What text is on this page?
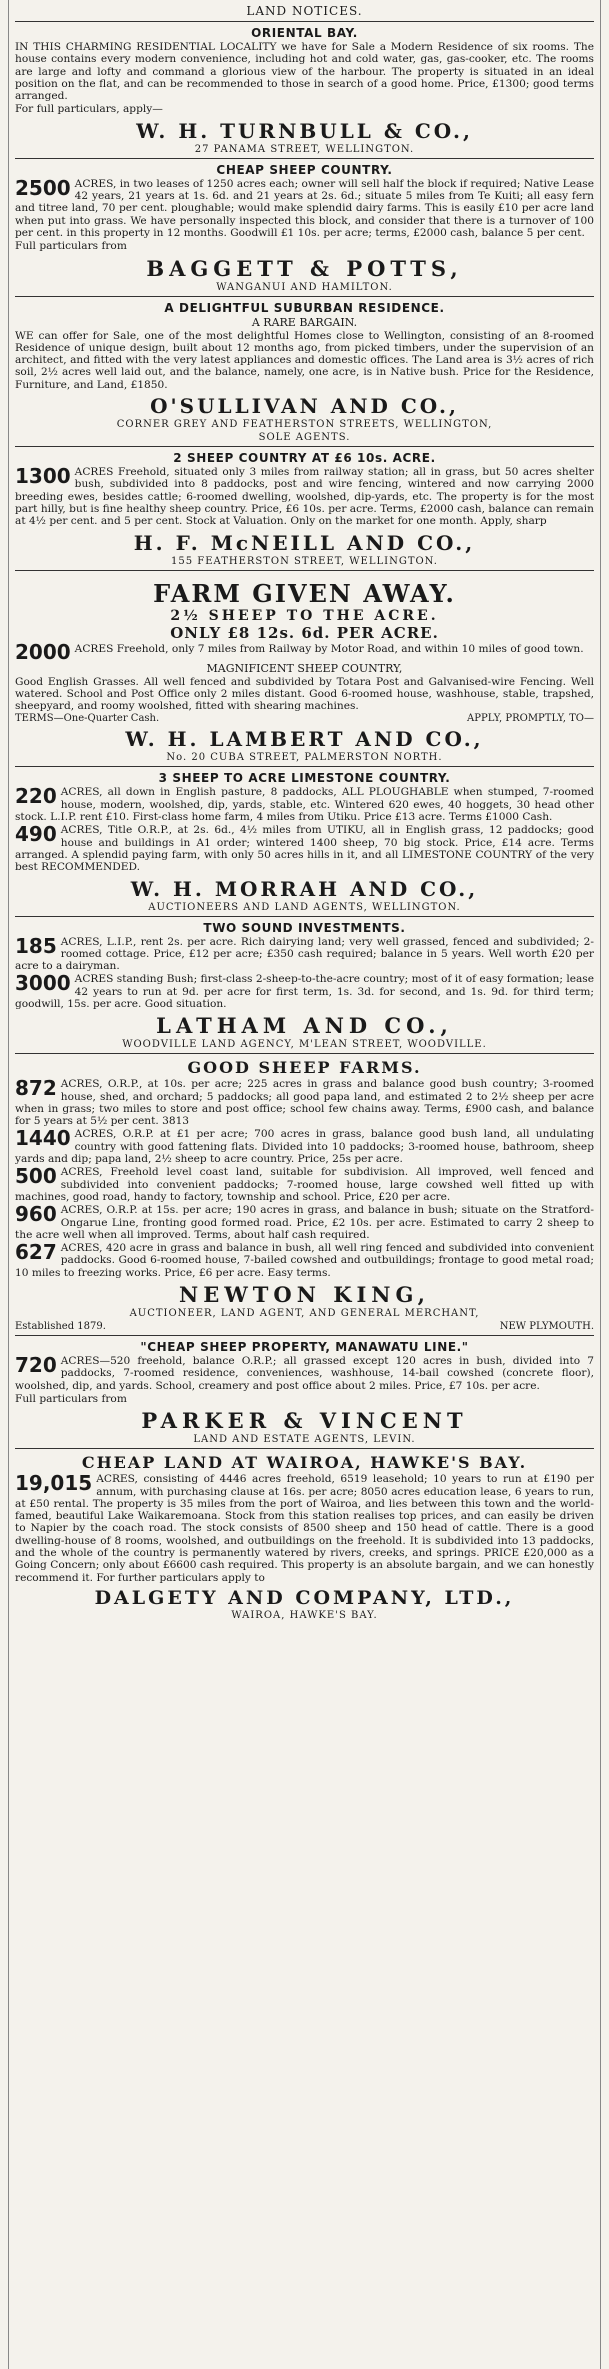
LAND NOTICES.
ORIENTAL BAY.
IN THIS CHARMING RESIDENTIAL LOCALITY we have for Sale a Modern Residence of six rooms. The house contains every modern convenience, including hot and cold water, gas, gas-cooker, etc. The rooms are large and lofty and command a glorious view of the harbour. The property is situated in an ideal position on the flat, and can be recommended to those in search of a good home. Price, £1300; good terms arranged.
For full particulars, apply—
W. H. TURNBULL & CO.,
27 PANAMA STREET, WELLINGTON.
CHEAP SHEEP COUNTRY.
2500 ACRES, in two leases of 1250 acres each; owner will sell half the block if required; Native Lease 42 years, 21 years at 1s. 6d. and 21 years at 2s. 6d.; situate 5 miles from Te Kuiti; all easy fern and titree land, 70 per cent. ploughable; would make splendid dairy farms. This is easily £10 per acre land when put into grass. We have personally inspected this block, and consider that there is a turnover of 100 per cent. in this property in 12 months. Goodwill £1 10s. per acre; terms, £2000 cash, balance 5 per cent.
Full particulars from
BAGGETT & POTTS,
WANGANUI AND HAMILTON.
A DELIGHTFUL SUBURBAN RESIDENCE.
A RARE BARGAIN.
WE can offer for Sale, one of the most delightful Homes close to Wellington, consisting of an 8-roomed Residence of unique design, built about 12 months ago, from picked timbers, under the supervision of an architect, and fitted with the very latest appliances and domestic offices. The Land area is 3½ acres of rich soil, 2½ acres well laid out, and the balance, namely, one acre, is in Native bush. Price for the Residence, Furniture, and Land, £1850.
O'SULLIVAN AND CO.,
CORNER GREY AND FEATHERSTON STREETS, WELLINGTON,
SOLE AGENTS.
2 SHEEP COUNTRY AT £6 10s. ACRE.
1300 ACRES Freehold, situated only 3 miles from railway station; all in grass, but 50 acres shelter bush, subdivided into 8 paddocks, post and wire fencing, wintered and now carrying 2000 breeding ewes, besides cattle; 6-roomed dwelling, woolshed, dip-yards, etc. The property is for the most part hilly, but is fine healthy sheep country. Price, £6 10s. per acre. Terms, £2000 cash, balance can remain at 4½ per cent. and 5 per cent. Stock at Valuation. Only on the market for one month. Apply, sharp
H. F. McNEILL AND CO.,
155 FEATHERSTON STREET, WELLINGTON.
FARM GIVEN AWAY.
2½ SHEEP TO THE ACRE.
ONLY £8 12s. 6d. PER ACRE.
2000 ACRES Freehold, only 7 miles from Railway by Motor Road, and within 10 miles of good town.
MAGNIFICENT SHEEP COUNTRY,
Good English Grasses. All well fenced and subdivided by Totara Post and Galvanised-wire Fencing. Well watered. School and Post Office only 2 miles distant. Good 6-roomed house, washhouse, stable, trapshed, sheepyard, and roomy woolshed, fitted with shearing machines.
TERMS—One-Quarter Cash.	APPLY, PROMPTLY, TO—
W. H. LAMBERT AND CO.,
No. 20 CUBA STREET, PALMERSTON NORTH.
3 SHEEP TO ACRE LIMESTONE COUNTRY.
220 ACRES, all down in English pasture, 8 paddocks, ALL PLOUGHABLE when stumped, 7-roomed house, modern, woolshed, dip, yards, stable, etc. Wintered 620 ewes, 40 hoggets, 30 head other stock. L.I.P. rent £10. First-class home farm, 4 miles from Utiku. Price £13 acre. Terms £1000 Cash.
490 ACRES, Title O.R.P., at 2s. 6d., 4½ miles from UTIKU, all in English grass, 12 paddocks; good house and buildings in A1 order; wintered 1400 sheep, 70 big stock. Price, £14 acre. Terms arranged. A splendid paying farm, with only 50 acres hills in it, and all LIMESTONE COUNTRY of the very best RECOMMENDED.
W. H. MORRAH AND CO.,
AUCTIONEERS AND LAND AGENTS, WELLINGTON.
TWO SOUND INVESTMENTS.
185 ACRES, L.I.P., rent 2s. per acre. Rich dairying land; very well grassed, fenced and subdivided; 2-roomed cottage. Price, £12 per acre; £350 cash required; balance in 5 years. Well worth £20 per acre to a dairyman.
3000 ACRES standing Bush; first-class 2-sheep-to-the-acre country; most of it of easy formation; lease 42 years to run at 9d. per acre for first term, 1s. 3d. for second, and 1s. 9d. for third term; goodwill, 15s. per acre. Good situation.
LATHAM AND CO.,
WOODVILLE LAND AGENCY, M'LEAN STREET, WOODVILLE.
GOOD SHEEP FARMS.
872 ACRES, O.R.P., at 10s. per acre; 225 acres in grass and balance good bush country; 3-roomed house, shed, and orchard; 5 paddocks; all good papa land, and estimated 2 to 2½ sheep per acre when in grass; two miles to store and post office; school few chains away. Terms, £900 cash, and balance for 5 years at 5½ per cent. 3813
1440 ACRES, O.R.P. at £1 per acre; 700 acres in grass, balance good bush land, all undulating country with good fattening flats. Divided into 10 paddocks; 3-roomed house, bathroom, sheep yards and dip; papa land, 2½ sheep to acre country. Price, 25s per acre.
500 ACRES, Freehold level coast land, suitable for subdivision. All improved, well fenced and subdivided into convenient paddocks; 7-roomed house, large cowshed well fitted up with machines, good road, handy to factory, township and school. Price, £20 per acre.
960 ACRES, O.R.P. at 15s. per acre; 190 acres in grass, and balance in bush; situate on the Stratford-Ongarue Line, fronting good formed road. Price, £2 10s. per acre. Estimated to carry 2 sheep to the acre well when all improved. Terms, about half cash required.
627 ACRES, 420 acre in grass and balance in bush, all well ring fenced and subdivided into convenient paddocks. Good 6-roomed house, 7-bailed cowshed and outbuildings; frontage to good metal road; 10 miles to freezing works. Price, £6 per acre. Easy terms.
NEWTON KING,
AUCTIONEER, LAND AGENT, AND GENERAL MERCHANT,
Established 1879.	NEW PLYMOUTH.
"CHEAP SHEEP PROPERTY, MANAWATU LINE."
720 ACRES—520 freehold, balance O.R.P.; all grassed except 120 acres in bush, divided into 7 paddocks, 7-roomed residence, conveniences, washhouse, 14-bail cowshed (concrete floor), woolshed, dip, and yards. School, creamery and post office about 2 miles. Price, £7 10s. per acre.
Full particulars from
PARKER & VINCENT
LAND AND ESTATE AGENTS, LEVIN.
CHEAP LAND AT WAIROA, HAWKE'S BAY.
19,015 ACRES, consisting of 4446 acres freehold, 6519 leasehold; 10 years to run at £190 per annum, with purchasing clause at 16s. per acre; 8050 acres education lease, 6 years to run, at £50 rental. The property is 35 miles from the port of Wairoa, and lies between this town and the world-famed, beautiful Lake Waikaremoana. Stock from this station realises top prices, and can easily be driven to Napier by the coach road. The stock consists of 8500 sheep and 150 head of cattle. There is a good dwelling-house of 8 rooms, woolshed, and outbuildings on the freehold. It is subdivided into 13 paddocks, and the whole of the country is permanently watered by rivers, creeks, and springs. PRICE £20,000 as a Going Concern; only about £6600 cash required. This property is an absolute bargain, and we can honestly recommend it. For further particulars apply to
DALGETY AND COMPANY, LTD.,
WAIROA, HAWKE'S BAY.
